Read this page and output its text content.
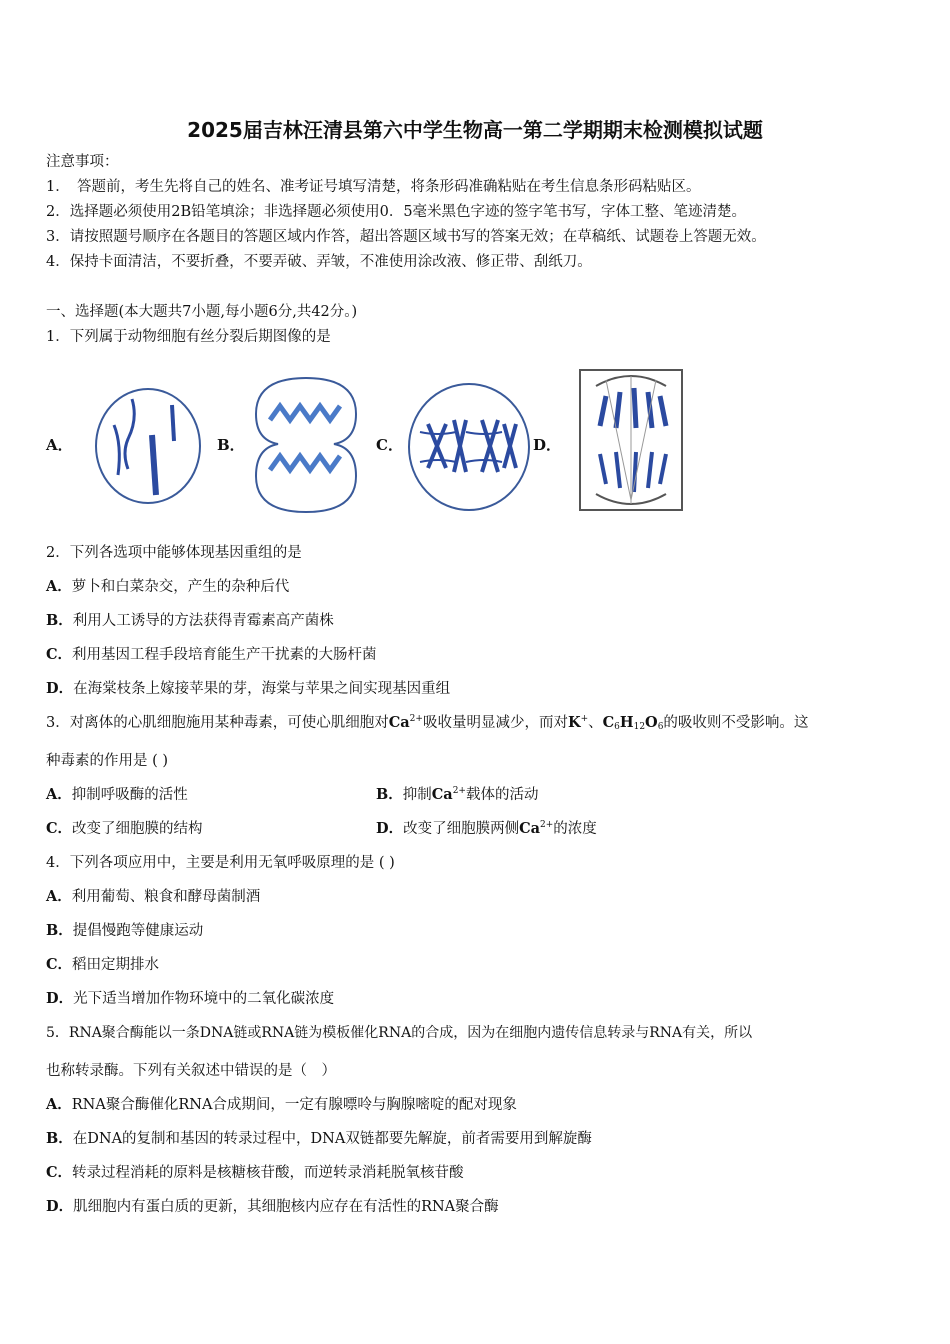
2025届吉林汪清县第六中学生物高一第二学期期末检测模拟试题
注意事项：
1．　答题前，考生先将自己的姓名、准考证号填写清楚，将条形码准确粘贴在考生信息条形码粘贴区。
2．选择题必须使用2B铅笔填涂；非选择题必须使用0．5毫米黑色字迹的签字笔书写，字体工整、笔迹清楚。
3．请按照题号顺序在各题目的答题区域内作答，超出答题区域书写的答案无效；在草稿纸、试题卷上答题无效。
4．保持卡面清洁，不要折叠，不要弄破、弄皱，不准使用涂改液、修正带、刮纸刀。
一、选择题(本大题共7小题,每小题6分,共42分。)
1．下列属于动物细胞有丝分裂后期图像的是
A．	B．	C．	D．
2．下列各选项中能够体现基因重组的是
A．萝卜和白菜杂交，产生的杂种后代
B．利用人工诱导的方法获得青霉素高产菌株
C．利用基因工程手段培育能生产干扰素的大肠杆菌
D．在海棠枝条上嫁接苹果的芽，海棠与苹果之间实现基因重组
3．对离体的心肌细胞施用某种毒素，可使心肌细胞对$Ca^{2+}$吸收量明显减少，而对K+、$C_6H_{12}O_6$的吸收则不受影响。这
种毒素的作用是 ( )
A．抑制呼吸酶的活性	B．抑制$Ca^{2+}$载体的活动
C．改变了细胞膜的结构	D．改变了细胞膜两侧$Ca^{2+}$的浓度
4．下列各项应用中，主要是利用无氧呼吸原理的是 ( )
A．利用葡萄、粮食和酵母菌制酒
B．提倡慢跑等健康运动
C．稻田定期排水
D．光下适当增加作物环境中的二氧化碳浓度
5．RNA聚合酶能以一条DNA链或RNA链为模板催化RNA的合成，因为在细胞内遗传信息转录与RNA有关，所以
也称转录酶。下列有关叙述中错误的是（　）
A．RNA聚合酶催化RNA合成期间，一定有腺嘌呤与胸腺嘧啶的配对现象
B．在DNA的复制和基因的转录过程中，DNA双链都要先解旋，前者需要用到解旋酶
C．转录过程消耗的原料是核糖核苷酸，而逆转录消耗脱氧核苷酸
D．肌细胞内有蛋白质的更新，其细胞核内应存在有活性的RNA聚合酶
